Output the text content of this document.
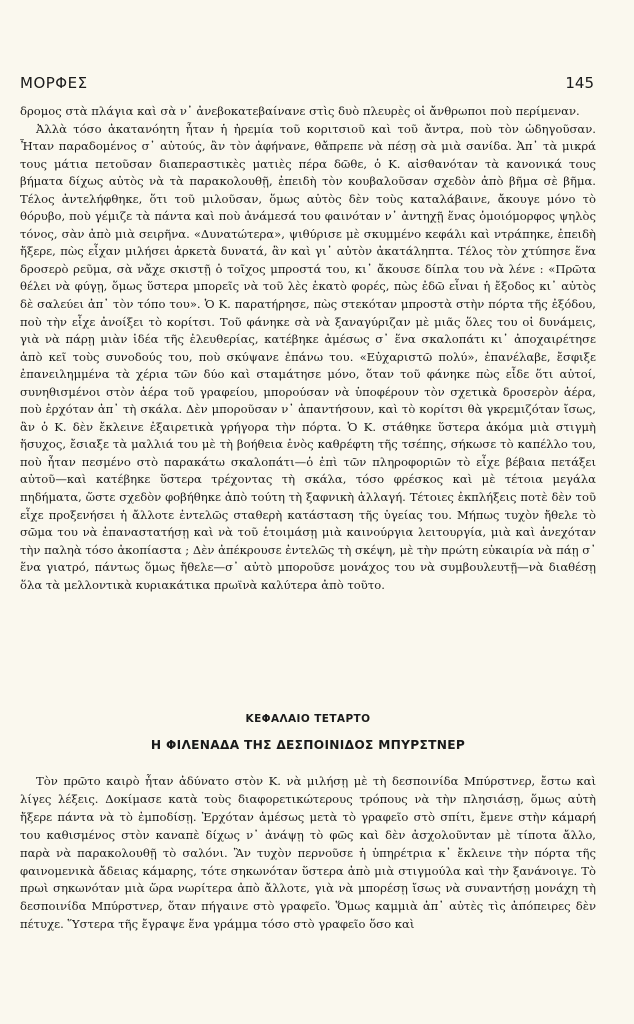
ΜΟΡΦΕΣ	145

δρομος στὰ πλάγια καὶ σὰ ν᾿ ἀνεβοκατεβαίνανε στὶς δυὸ πλευρὲς οἱ ἄνθρωποι ποὺ περίμεναν.

Ἀλλὰ τόσο ἀκατανόητη ἦταν ἡ ἠρεμία τοῦ κοριτσιοῦ καὶ τοῦ ἄντρα, ποὺ τὸν ὡδηγοῦσαν. Ἦταν παραδομένος σ᾿ αὐτούς, ἂν τὸν ἀφήνανε, θἄπρεπε νὰ πέσῃ σὰ μιὰ σανίδα. Ἀπ᾿ τὰ μικρά τους μάτια πετοῦσαν διαπεραστικὲς ματιὲς πέρα δῶθε, ὁ Κ. αἰσθανόταν τὰ κανονικά τους βήματα δίχως αὐτὸς νὰ τὰ παρακολουθῇ, ἐπειδὴ τὸν κουβαλοῦσαν σχεδὸν ἀπὸ βῆμα σὲ βῆμα. Τέλος ἀντελήφθηκε, ὅτι τοῦ μιλοῦσαν, ὅμως αὐτὸς δὲν τοὺς καταλάβαινε, ἄκουγε μόνο τὸ θόρυβο, ποὺ γέμιζε τὰ πάντα καὶ ποὺ ἀνάμεσά του φαινόταν ν᾿ ἀντηχῇ ἕνας ὁμοιόμορφος ψηλὸς τόνος, σὰν ἀπὸ μιὰ σειρῆνα. «Δυνατώτερα», ψιθύρισε μὲ σκυμμένο κεφάλι καὶ ντράπηκε, ἐπειδὴ ἤξερε, πὼς εἶχαν μιλήσει ἀρκετὰ δυνατά, ἂν καὶ γι᾿ αὐτὸν ἀκατάληπτα. Τέλος τὸν χτύπησε ἕνα δροσερὸ ρεῦμα, σὰ νἄχε σκιστῇ ὁ τοῖχος μπροστά του, κι᾿ ἄκουσε δίπλα του νὰ λένε : «Πρῶτα θέλει νὰ φύγῃ, ὅμως ὕστερα μπορεῖς νὰ τοῦ λὲς ἑκατὸ φορές, πὼς ἐδῶ εἶναι ἡ ἔξοδος κι᾿ αὐτὸς δὲ σαλεύει ἀπ᾿ τὸν τόπο του». Ὁ Κ. παρατήρησε, πὼς στεκόταν μπροστὰ στὴν πόρτα τῆς ἐξόδου, ποὺ τὴν εἶχε ἀνοίξει τὸ κορίτσι. Τοῦ φάνηκε σὰ νὰ ξαναγύριζαν μὲ μιᾶς ὅλες του οἱ δυνάμεις, γιὰ νὰ πάρῃ μιὰν ἰδέα τῆς ἐλευθερίας, κατέβηκε ἀμέσως σ᾿ ἕνα σκαλοπάτι κι᾿ ἀποχαιρέτησε ἀπὸ κεῖ τοὺς συνοδούς του, ποὺ σκύψανε ἐπάνω του. «Εὐχαριστῶ πολύ», ἐπανέλαβε, ἔσφιξε ἐπανειλημμένα τὰ χέρια τῶν δύο καὶ σταμάτησε μόνο, ὅταν τοῦ φάνηκε πὼς εἶδε ὅτι αὐτοί, συνηθισμένοι στὸν ἀέρα τοῦ γραφείου, μπορούσαν νὰ ὑποφέρουν τὸν σχετικὰ δροσερὸν ἀέρα, ποὺ ἐρχόταν ἀπ᾿ τὴ σκάλα. Δὲν μποροῦσαν ν᾿ ἀπαντήσουν, καὶ τὸ κορίτσι θὰ γκρεμιζόταν ἴσως, ἂν ὁ Κ. δὲν ἔκλεινε ἐξαιρετικὰ γρήγορα τὴν πόρτα. Ὁ Κ. στάθηκε ὕστερα ἀκόμα μιὰ στιγμὴ ἥσυχος, ἔσιαξε τὰ μαλλιά του μὲ τὴ βοήθεια ἑνὸς καθρέφτη τῆς τσέπης, σήκωσε τὸ καπέλλο του, ποὺ ἦταν πεσμένο στὸ παρακάτω σκαλοπάτι—ὁ ἐπὶ τῶν πληροφοριῶν τὸ εἶχε βέβαια πετάξει αὐτοῦ—καὶ κατέβηκε ὕστερα τρέχοντας τὴ σκάλα, τόσο φρέσκος καὶ μὲ τέτοια μεγάλα πηδήματα, ὥστε σχεδὸν φοβήθηκε ἀπὸ τούτη τὴ ξαφνικὴ ἀλλαγή. Τέτοιες ἐκπλήξεις ποτὲ δὲν τοῦ εἶχε προξενήσει ἡ ἄλλοτε ἐντελῶς σταθερὴ κατάσταση τῆς ὑγείας του. Μήπως τυχὸν ἤθελε τὸ σῶμα του νὰ ἐπαναστατήσῃ καὶ νὰ τοῦ ἑτοιμάσῃ μιὰ καινούργια λειτουργία, μιὰ καὶ ἀνεχόταν τὴν παληὰ τόσο ἀκοπίαστα ; Δὲν ἀπέκρουσε ἐντελῶς τὴ σκέψη, μὲ τὴν πρώτη εὐκαιρία νὰ πάῃ σ᾿ ἕνα γιατρό, πάντως ὅμως ἤθελε—σ᾿ αὐτὸ μποροῦσε μονάχος του νὰ συμβουλευτῇ—νὰ διαθέσῃ ὅλα τὰ μελλοντικὰ κυριακάτικα πρωϊνὰ καλύτερα ἀπὸ τοῦτο.

ΚΕΦΑΛΑΙΟ ΤΕΤΑΡΤΟ
Η ΦΙΛΕΝΑΔΑ ΤΗΣ ΔΕΣΠΟΙΝΙΔΟΣ ΜΠΥΡΣΤΝΕΡ

Τὸν πρῶτο καιρὸ ἦταν ἀδύνατο στὸν Κ. νὰ μιλήσῃ μὲ τὴ δεσποινίδα Μπύρστνερ, ἔστω καὶ λίγες λέξεις. Δοκίμασε κατὰ τοὺς διαφορετικώτερους τρόπους νὰ τὴν πλησιάσῃ, ὅμως αὐτὴ ἤξερε πάντα νὰ τὸ ἐμποδίσῃ. Ἐρχόταν ἀμέσως μετὰ τὸ γραφεῖο στὸ σπίτι, ἔμενε στὴν κάμαρή του καθισμένος στὸν καναπὲ δίχως ν᾿ ἀνάψῃ τὸ φῶς καὶ δὲν ἀσχολοῦνταν μὲ τίποτα ἄλλο, παρὰ νὰ παρακολουθῇ τὸ σαλόνι. Ἂν τυχὸν περνοῦσε ἡ ὑπηρέτρια κ᾿ ἔκλεινε τὴν πόρτα τῆς φαινομενικὰ ἄδειας κάμαρης, τότε σηκωνόταν ὕστερα ἀπὸ μιὰ στιγμούλα καὶ τὴν ξανάνοιγε. Τὸ πρωὶ σηκωνόταν μιὰ ὥρα νωρίτερα ἀπὸ ἄλλοτε, γιὰ νὰ μπορέσῃ ἴσως νὰ συναντήσῃ μονάχη τὴ δεσποινίδα Μπύρστνερ, ὅταν πήγαινε στὸ γραφεῖο. Ὅμως καμμιὰ ἀπ᾿ αὐτὲς τὶς ἀπόπειρες δὲν πέτυχε. Ὕστερα τῆς ἔγραψε ἕνα γράμμα τόσο στὸ γραφεῖο ὅσο καὶ
